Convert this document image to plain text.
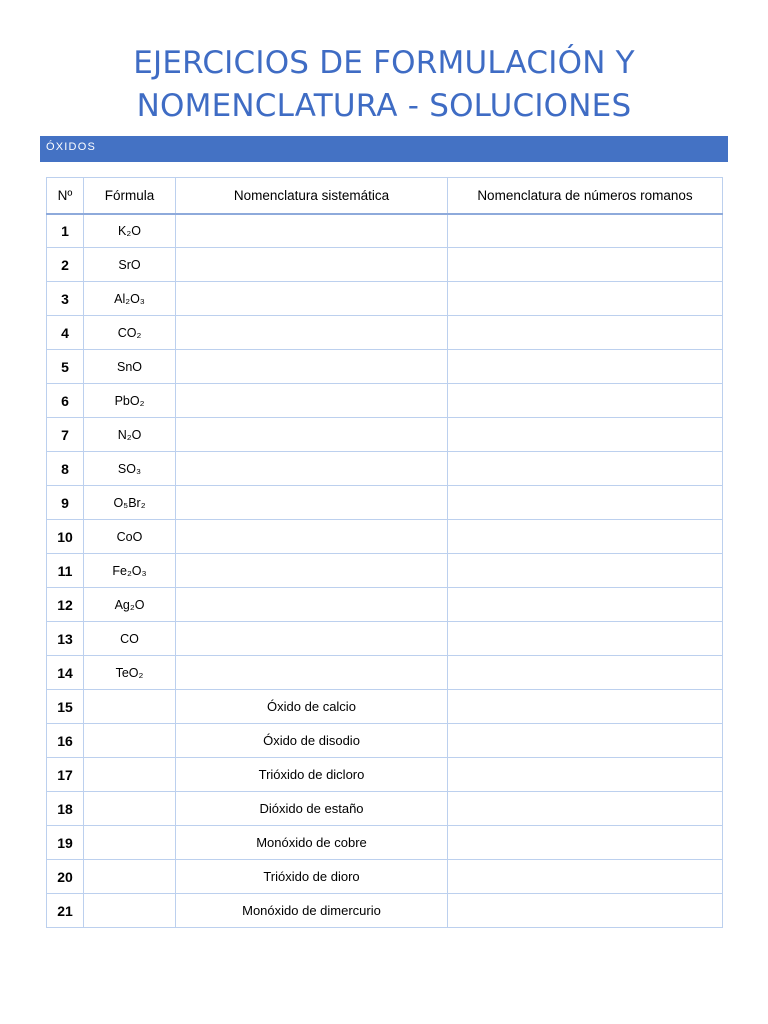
EJERCICIOS DE FORMULACIÓN Y
NOMENCLATURA - SOLUCIONES
ÓXIDOS
Nº	Fórmula	Nomenclatura sistemática	Nomenclatura de números romanos
1	K₂O		
2	SrO		
3	Al₂O₃		
4	CO₂		
5	SnO		
6	PbO₂		
7	N₂O		
8	SO₃		
9	O₅Br₂		
10	CoO		
11	Fe₂O₃		
12	Ag₂O		
13	CO		
14	TeO₂		
15		Óxido de calcio	
16		Óxido de disodio	
17		Trióxido de dicloro	
18		Dióxido de estaño	
19		Monóxido de cobre	
20		Trióxido de dioro	
21		Monóxido de dimercurio	
